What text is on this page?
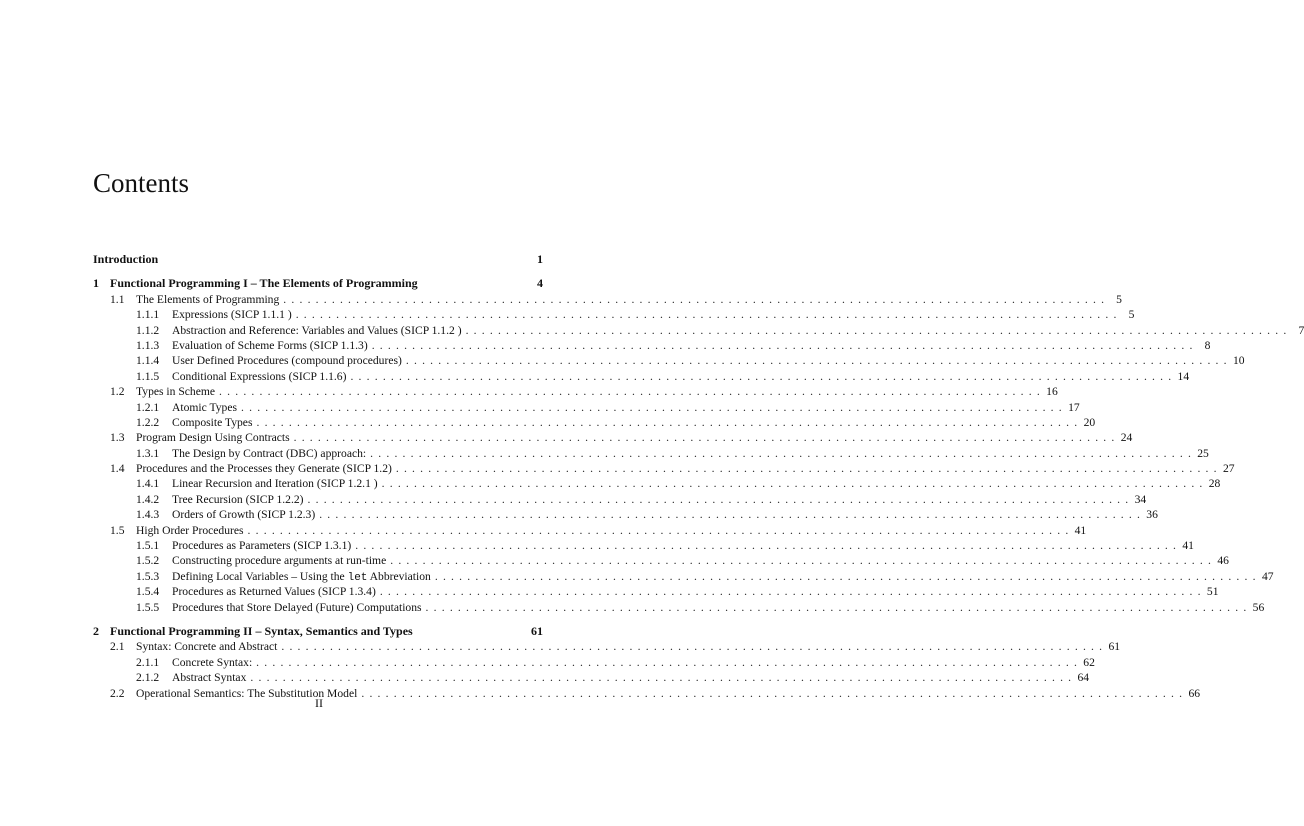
Contents
Introduction	1
1 Functional Programming I – The Elements of Programming	4
1.1 The Elements of Programming . . .	5
1.1.1	Expressions (SICP 1.1.1 ) . . .	5
1.1.2	Abstraction and Reference: Variables and Values (SICP 1.1.2 ) . . .	7
1.1.3	Evaluation of Scheme Forms (SICP 1.1.3) . . .	8
1.1.4	User Defined Procedures (compound procedures) . . .	10
1.1.5	Conditional Expressions (SICP 1.1.6) . . .	14
1.2 Types in Scheme . . .	16
1.2.1	Atomic Types . . .	17
1.2.2	Composite Types . . .	20
1.3 Program Design Using Contracts . . .	24
1.3.1	The Design by Contract (DBC) approach: . . .	25
1.4 Procedures and the Processes they Generate (SICP 1.2) . . .	27
1.4.1	Linear Recursion and Iteration (SICP 1.2.1 ) . . .	28
1.4.2	Tree Recursion (SICP 1.2.2) . . .	34
1.4.3	Orders of Growth (SICP 1.2.3) . . .	36
1.5 High Order Procedures . . .	41
1.5.1	Procedures as Parameters (SICP 1.3.1) . . .	41
1.5.2	Constructing procedure arguments at run-time . . .	46
1.5.3	Defining Local Variables – Using the let Abbreviation . . .	47
1.5.4	Procedures as Returned Values (SICP 1.3.4) . . .	51
1.5.5	Procedures that Store Delayed (Future) Computations . . .	56
2 Functional Programming II – Syntax, Semantics and Types	61
2.1 Syntax: Concrete and Abstract . . .	61
2.1.1	Concrete Syntax: . . .	62
2.1.2	Abstract Syntax . . .	64
2.2 Operational Semantics: The Substitution Model . . .	66
II
